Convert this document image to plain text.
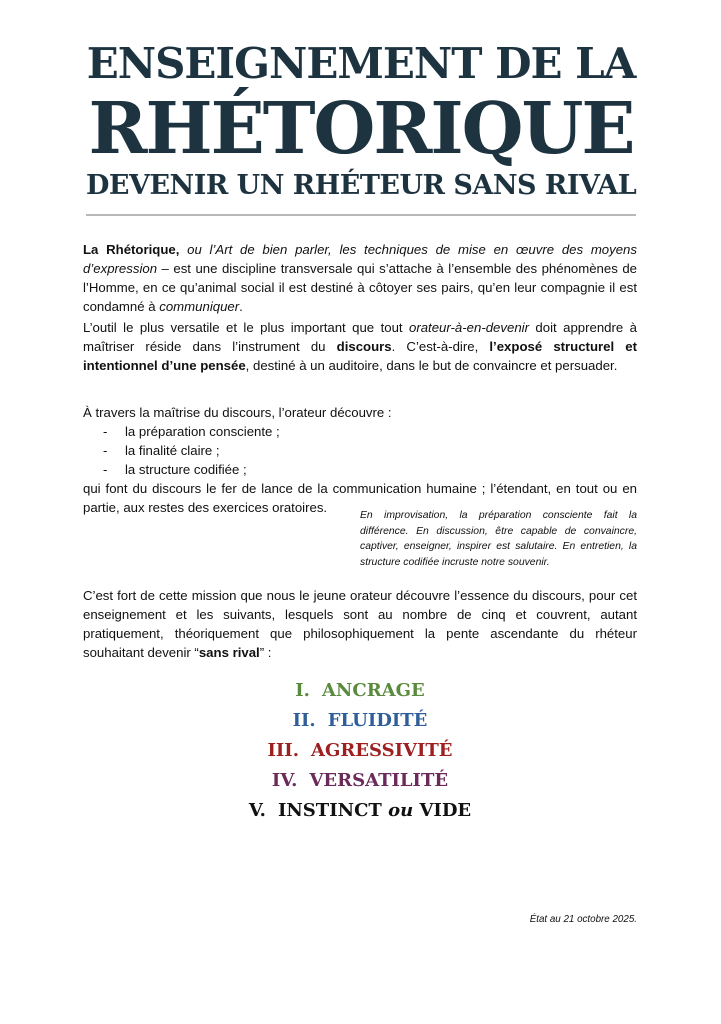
ENSEIGNEMENT DE LA
RHÉTORIQUE
DEVENIR UN RHÉTEUR SANS RIVAL

La Rhétorique, ou l’Art de bien parler, les techniques de mise en œuvre des moyens d’expression – est une discipline transversale qui s’attache à l’ensemble des phénomènes de l’Homme, en ce qu’animal social il est destiné à côtoyer ses pairs, qu’en leur compagnie il est condamné à communiquer.

L’outil le plus versatile et le plus important que tout orateur-à-en-devenir doit apprendre à maîtriser réside dans l’instrument du discours. C’est-à-dire, l’exposé structurel et intentionnel d’une pensée, destiné à un auditoire, dans le but de convaincre et persuader.

À travers la maîtrise du discours, l’orateur découvre :
- la préparation consciente ;
- la finalité claire ;
- la structure codifiée ;
qui font du discours le fer de lance de la communication humaine ; l’étendant, en tout ou en partie, aux restes des exercices oratoires.
En improvisation, la préparation consciente fait la différence. En discussion, être capable de convaincre, captiver, enseigner, inspirer est salutaire. En entretien, la structure codifiée incruste notre souvenir.

C’est fort de cette mission que nous le jeune orateur découvre l’essence du discours, pour cet enseignement et les suivants, lesquels sont au nombre de cinq et couvrent, autant pratiquement, théoriquement que philosophiquement la pente ascendante du rhéteur souhaitant devenir “sans rival” :

I. ANCRAGE
II. FLUIDITÉ
III. AGRESSIVITÉ
IV. VERSATILITÉ
V. INSTINCT ou VIDE
État au 21 octobre 2025.
